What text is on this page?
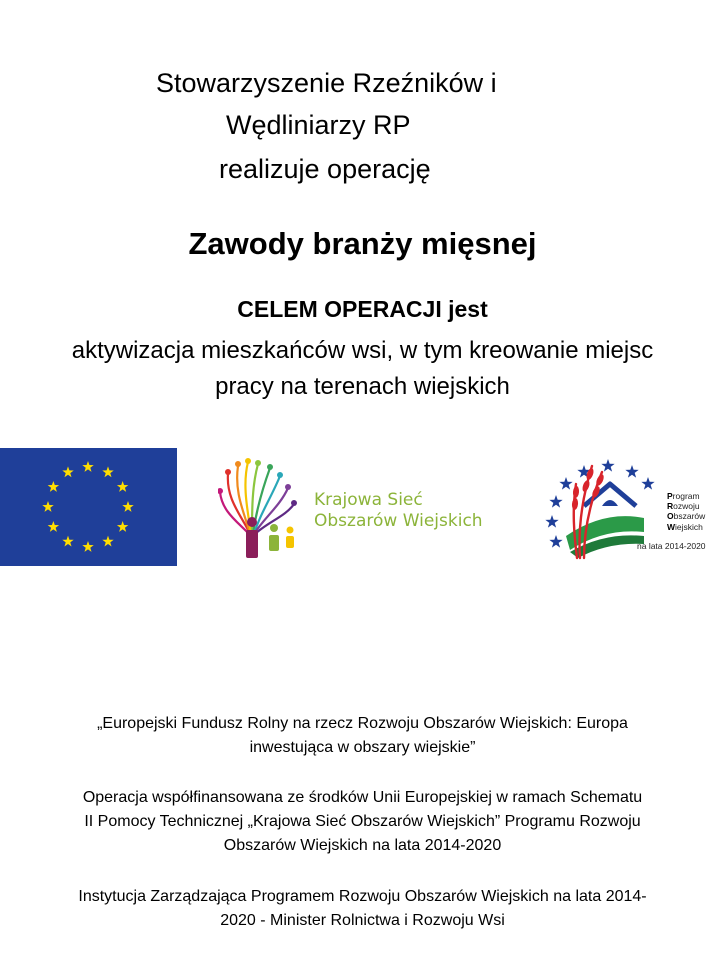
Stowarzyszenie Rzeźników i
Wędliniarzy RP
realizuje operację
Zawody branży mięsnej
CELEM OPERACJI jest
aktywizacja mieszkańców wsi, w tym kreowanie miejsc
pracy na terenach wiejskich
Krajowa Sieć
Obszarów Wiejskich
Program
Rozwoju
Obszarów
Wiejskich
na lata 2014-2020
„Europejski Fundusz Rolny na rzecz Rozwoju Obszarów Wiejskich: Europa
inwestująca w obszary wiejskie”
Operacja współfinansowana ze środków Unii Europejskiej w ramach Schematu
II Pomocy Technicznej „Krajowa Sieć Obszarów Wiejskich” Programu Rozwoju
Obszarów Wiejskich na lata 2014-2020
Instytucja Zarządzająca Programem Rozwoju Obszarów Wiejskich na lata 2014-
2020 - Minister Rolnictwa i Rozwoju Wsi
